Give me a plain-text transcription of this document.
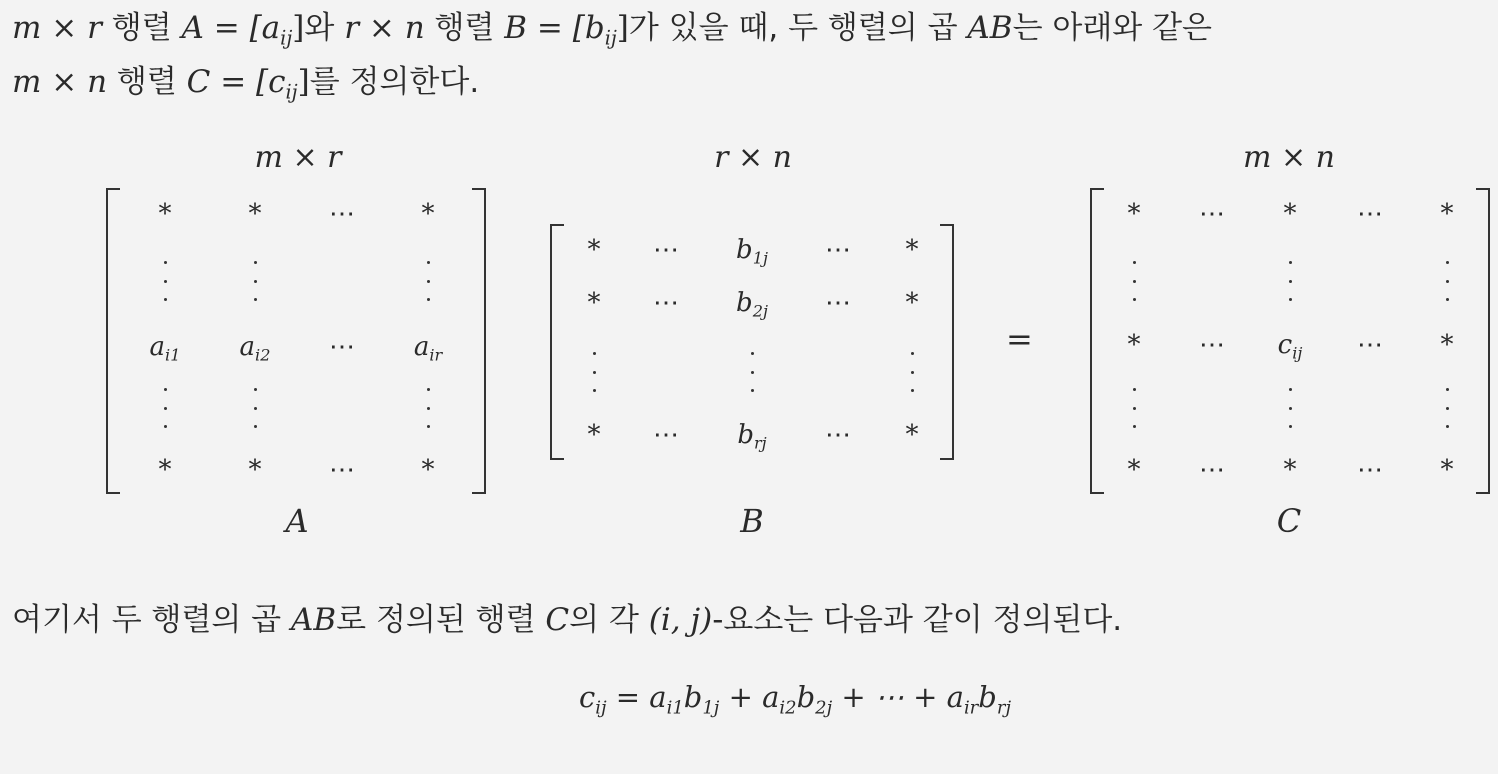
m × r 행렬 $A = [a_{ij}]$와 r × n 행렬 $B = [b_{ij}]$가 있을 때, 두 행렬의 곱 AB는 아래와 같은

m × n 행렬 $C = [c_{ij}]$를 정의한다.

m × r	r × n	m × n
*	*	⋯	*
$a_{i1}$	$a_{i2}$	⋯	$a_{ir}$
*	*	⋯	*
*	⋯	$b_{1j}$	⋯	*
*	⋯	$b_{2j}$	⋯	*
*	⋯	$b_{rj}$	⋯	*
*	⋯	*	⋯	*
*	⋯	$c_{ij}$	⋯	*
*	⋯	*	⋯	*
=
A	B	C

여기서 두 행렬의 곱 AB로 정의된 행렬 C의 각 (i, j)-요소는 다음과 같이 정의된다.

$c_{ij} = a_{i1}b_{1j} + a_{i2}b_{2j}$ + ⋯ + $a_{ir}b_{rj}$
